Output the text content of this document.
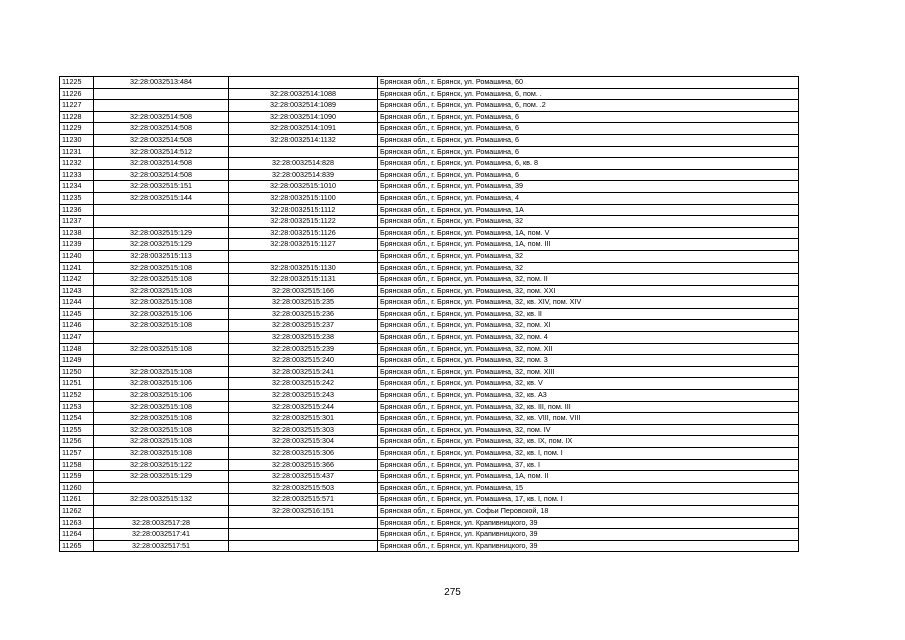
11225	32:28:0032513:484		Брянская обл., г. Брянск, ул. Ромашина, 60
11226		32:28:0032514:1088	Брянская обл., г. Брянск, ул. Ромашина, 6, пом. .
11227		32:28:0032514:1089	Брянская обл., г. Брянск, ул. Ромашина, 6, пом. .2
11228	32:28:0032514:508	32:28:0032514:1090	Брянская обл., г. Брянск, ул. Ромашина, 6
11229	32:28:0032514:508	32:28:0032514:1091	Брянская обл., г. Брянск, ул. Ромашина, 6
11230	32:28:0032514:508	32:28:0032514:1132	Брянская обл., г. Брянск, ул. Ромашина, 6
11231	32:28:0032514:512		Брянская обл., г. Брянск, ул. Ромашина, 6
11232	32:28:0032514:508	32:28:0032514:828	Брянская обл., г. Брянск, ул. Ромашина, 6, кв. 8
11233	32:28:0032514:508	32:28:0032514:839	Брянская обл., г. Брянск, ул. Ромашина, 6
11234	32:28:0032515:151	32:28:0032515:1010	Брянская обл., г. Брянск, ул. Ромашина, 39
11235	32:28:0032515:144	32:28:0032515:1100	Брянская обл., г. Брянск, ул. Ромашина, 4
11236		32:28:0032515:1112	Брянская обл., г. Брянск, ул. Ромашина, 1А
11237		32:28:0032515:1122	Брянская обл., г. Брянск, ул. Ромашина, 32
11238	32:28:0032515:129	32:28:0032515:1126	Брянская обл., г. Брянск, ул. Ромашина, 1А, пом. V
11239	32:28:0032515:129	32:28:0032515:1127	Брянская обл., г. Брянск, ул. Ромашина, 1А, пом. III
11240	32:28:0032515:113		Брянская обл., г. Брянск, ул. Ромашина, 32
11241	32:28:0032515:108	32:28:0032515:1130	Брянская обл., г. Брянск, ул. Ромашина, 32
11242	32:28:0032515:108	32:28:0032515:1131	Брянская обл., г. Брянск, ул. Ромашина, 32, пом. II
11243	32:28:0032515:108	32:28:0032515:166	Брянская обл., г. Брянск, ул. Ромашина, 32, пом. XXI
11244	32:28:0032515:108	32:28:0032515:235	Брянская обл., г. Брянск, ул. Ромашина, 32, кв. XIV, пом. XIV
11245	32:28:0032515:106	32:28:0032515:236	Брянская обл., г. Брянск, ул. Ромашина, 32, кв. II
11246	32:28:0032515:108	32:28:0032515:237	Брянская обл., г. Брянск, ул. Ромашина, 32, пом. XI
11247		32:28:0032515:238	Брянская обл., г. Брянск, ул. Ромашина, 32, пом. 4
11248	32:28:0032515:108	32:28:0032515:239	Брянская обл., г. Брянск, ул. Ромашина, 32, пом. XII
11249		32:28:0032515:240	Брянская обл., г. Брянск, ул. Ромашина, 32, пом. 3
11250	32:28:0032515:108	32:28:0032515:241	Брянская обл., г. Брянск, ул. Ромашина, 32, пом. XIII
11251	32:28:0032515:106	32:28:0032515:242	Брянская обл., г. Брянск, ул. Ромашина, 32, кв. V
11252	32:28:0032515:106	32:28:0032515:243	Брянская обл., г. Брянск, ул. Ромашина, 32, кв. А3
11253	32:28:0032515:108	32:28:0032515:244	Брянская обл., г. Брянск, ул. Ромашина, 32, кв. III, пом. III
11254	32:28:0032515:108	32:28:0032515:301	Брянская обл., г. Брянск, ул. Ромашина, 32, кв. VIII, пом. VIII
11255	32:28:0032515:108	32:28:0032515:303	Брянская обл., г. Брянск, ул. Ромашина, 32, пом. IV
11256	32:28:0032515:108	32:28:0032515:304	Брянская обл., г. Брянск, ул. Ромашина, 32, кв. IX, пом. IX
11257	32:28:0032515:108	32:28:0032515:306	Брянская обл., г. Брянск, ул. Ромашина, 32, кв. I, пом. I
11258	32:28:0032515:122	32:28:0032515:366	Брянская обл., г. Брянск, ул. Ромашина, 37, кв. I
11259	32:28:0032515:129	32:28:0032515:437	Брянская обл., г. Брянск, ул. Ромашина, 1А, пом. II
11260		32:28:0032515:503	Брянская обл., г. Брянск, ул. Ромашина, 15
11261	32:28:0032515:132	32:28:0032515:571	Брянская обл., г. Брянск, ул. Ромашина, 17, кв. I, пом. I
11262		32:28:0032516:151	Брянская обл., г. Брянск, ул. Софьи Перовской, 18
11263	32:28:0032517:28		Брянская обл., г. Брянск, ул. Крапивницкого, 39
11264	32:28:0032517:41		Брянская обл., г. Брянск, ул. Крапивницкого, 39
11265	32:28:0032517:51		Брянская обл., г. Брянск, ул. Крапивницкого, 39
275
